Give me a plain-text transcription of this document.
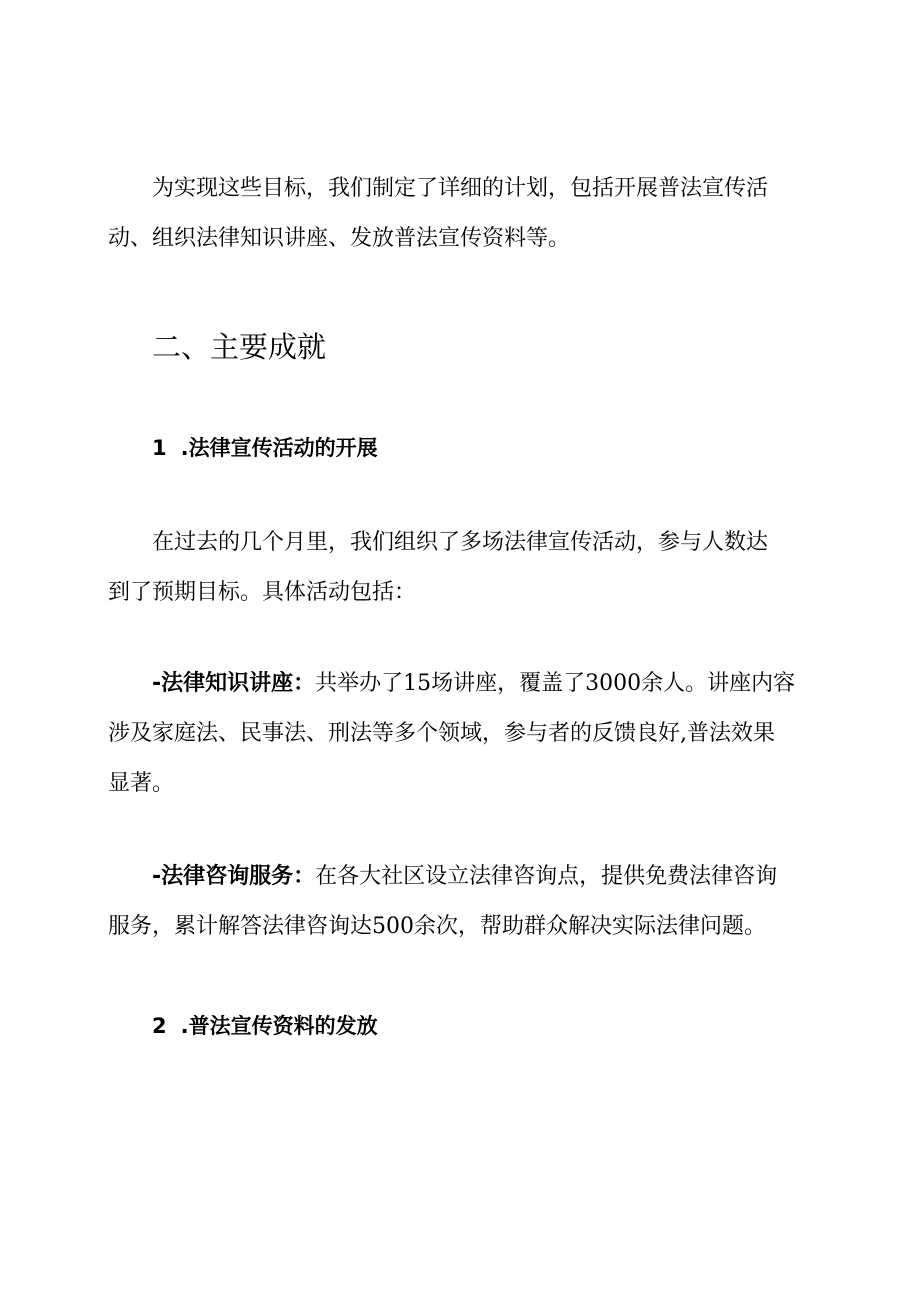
为实现这些目标，我们制定了详细的计划，包括开展普法宣传活
动、组织法律知识讲座、发放普法宣传资料等。
二、主要成就
1 .法律宣传活动的开展
在过去的几个月里，我们组织了多场法律宣传活动，参与人数达
到了预期目标。具体活动包括：
-法律知识讲座：共举办了15场讲座，覆盖了3000余人。讲座内容
涉及家庭法、民事法、刑法等多个领域，参与者的反馈良好,普法效果
显著。
-法律咨询服务：在各大社区设立法律咨询点，提供免费法律咨询
服务，累计解答法律咨询达500余次，帮助群众解决实际法律问题。
2 .普法宣传资料的发放
